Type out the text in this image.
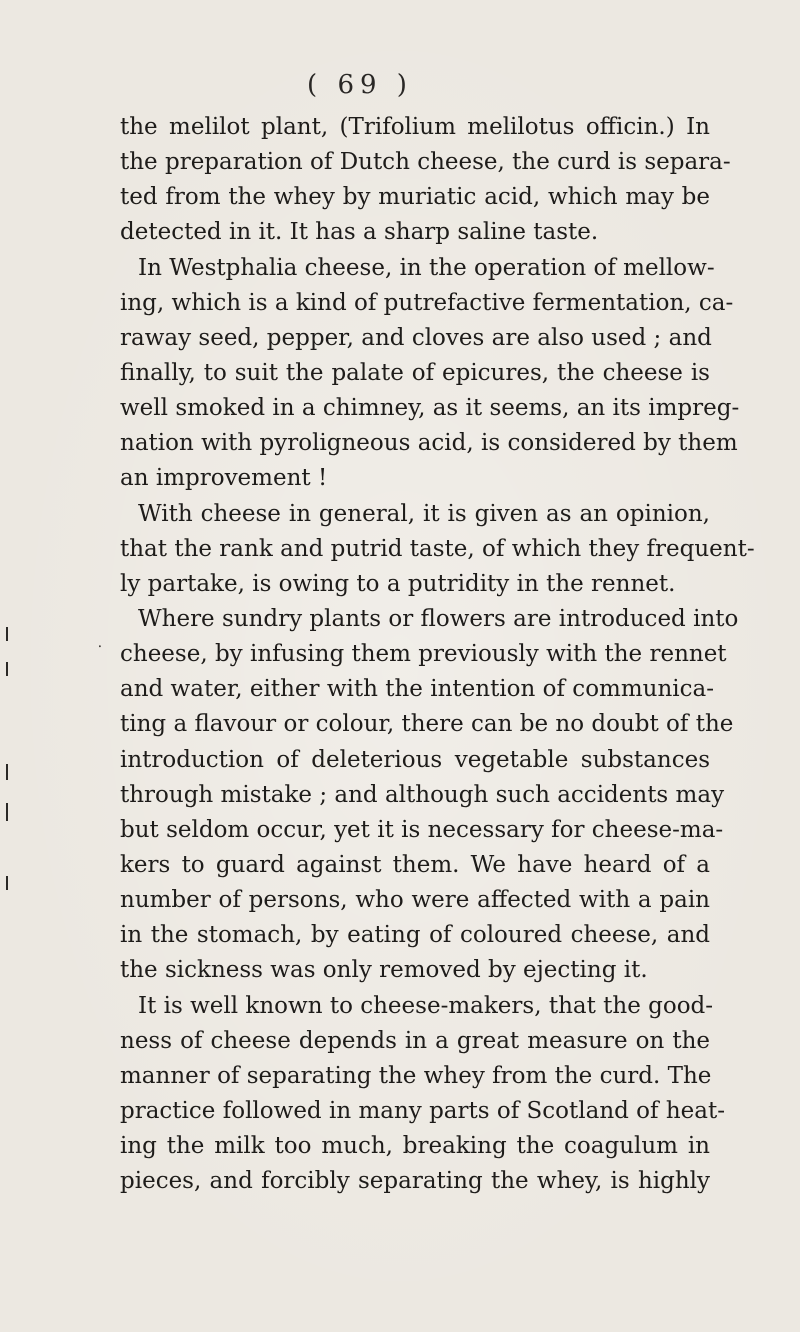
( 69 )
⸱
the melilot plant, (Trifolium melilotus officin.) In
the preparation of Dutch cheese, the curd is separa-
ted from the whey by muriatic acid, which may be
detected in it. It has a sharp saline taste.
In Westphalia cheese, in the operation of mellow-
ing, which is a kind of putrefactive fermentation, ca-
raway seed, pepper, and cloves are also used ; and
finally, to suit the palate of epicures, the cheese is
well smoked in a chimney, as it seems, an its impreg-
nation with pyroligneous acid, is considered by them
an improvement !
With cheese in general, it is given as an opinion,
that the rank and putrid taste, of which they frequent-
ly partake, is owing to a putridity in the rennet.
Where sundry plants or flowers are introduced into
cheese, by infusing them previously with the rennet
and water, either with the intention of communica-
ting a flavour or colour, there can be no doubt of the
introduction of deleterious vegetable substances
through mistake ; and although such accidents may
but seldom occur, yet it is necessary for cheese-ma-
kers to guard against them. We have heard of a
number of persons, who were affected with a pain
in the stomach, by eating of coloured cheese, and
the sickness was only removed by ejecting it.
It is well known to cheese-makers, that the good-
ness of cheese depends in a great measure on the
manner of separating the whey from the curd. The
practice followed in many parts of Scotland of heat-
ing the milk too much, breaking the coagulum in
pieces, and forcibly separating the whey, is highly
